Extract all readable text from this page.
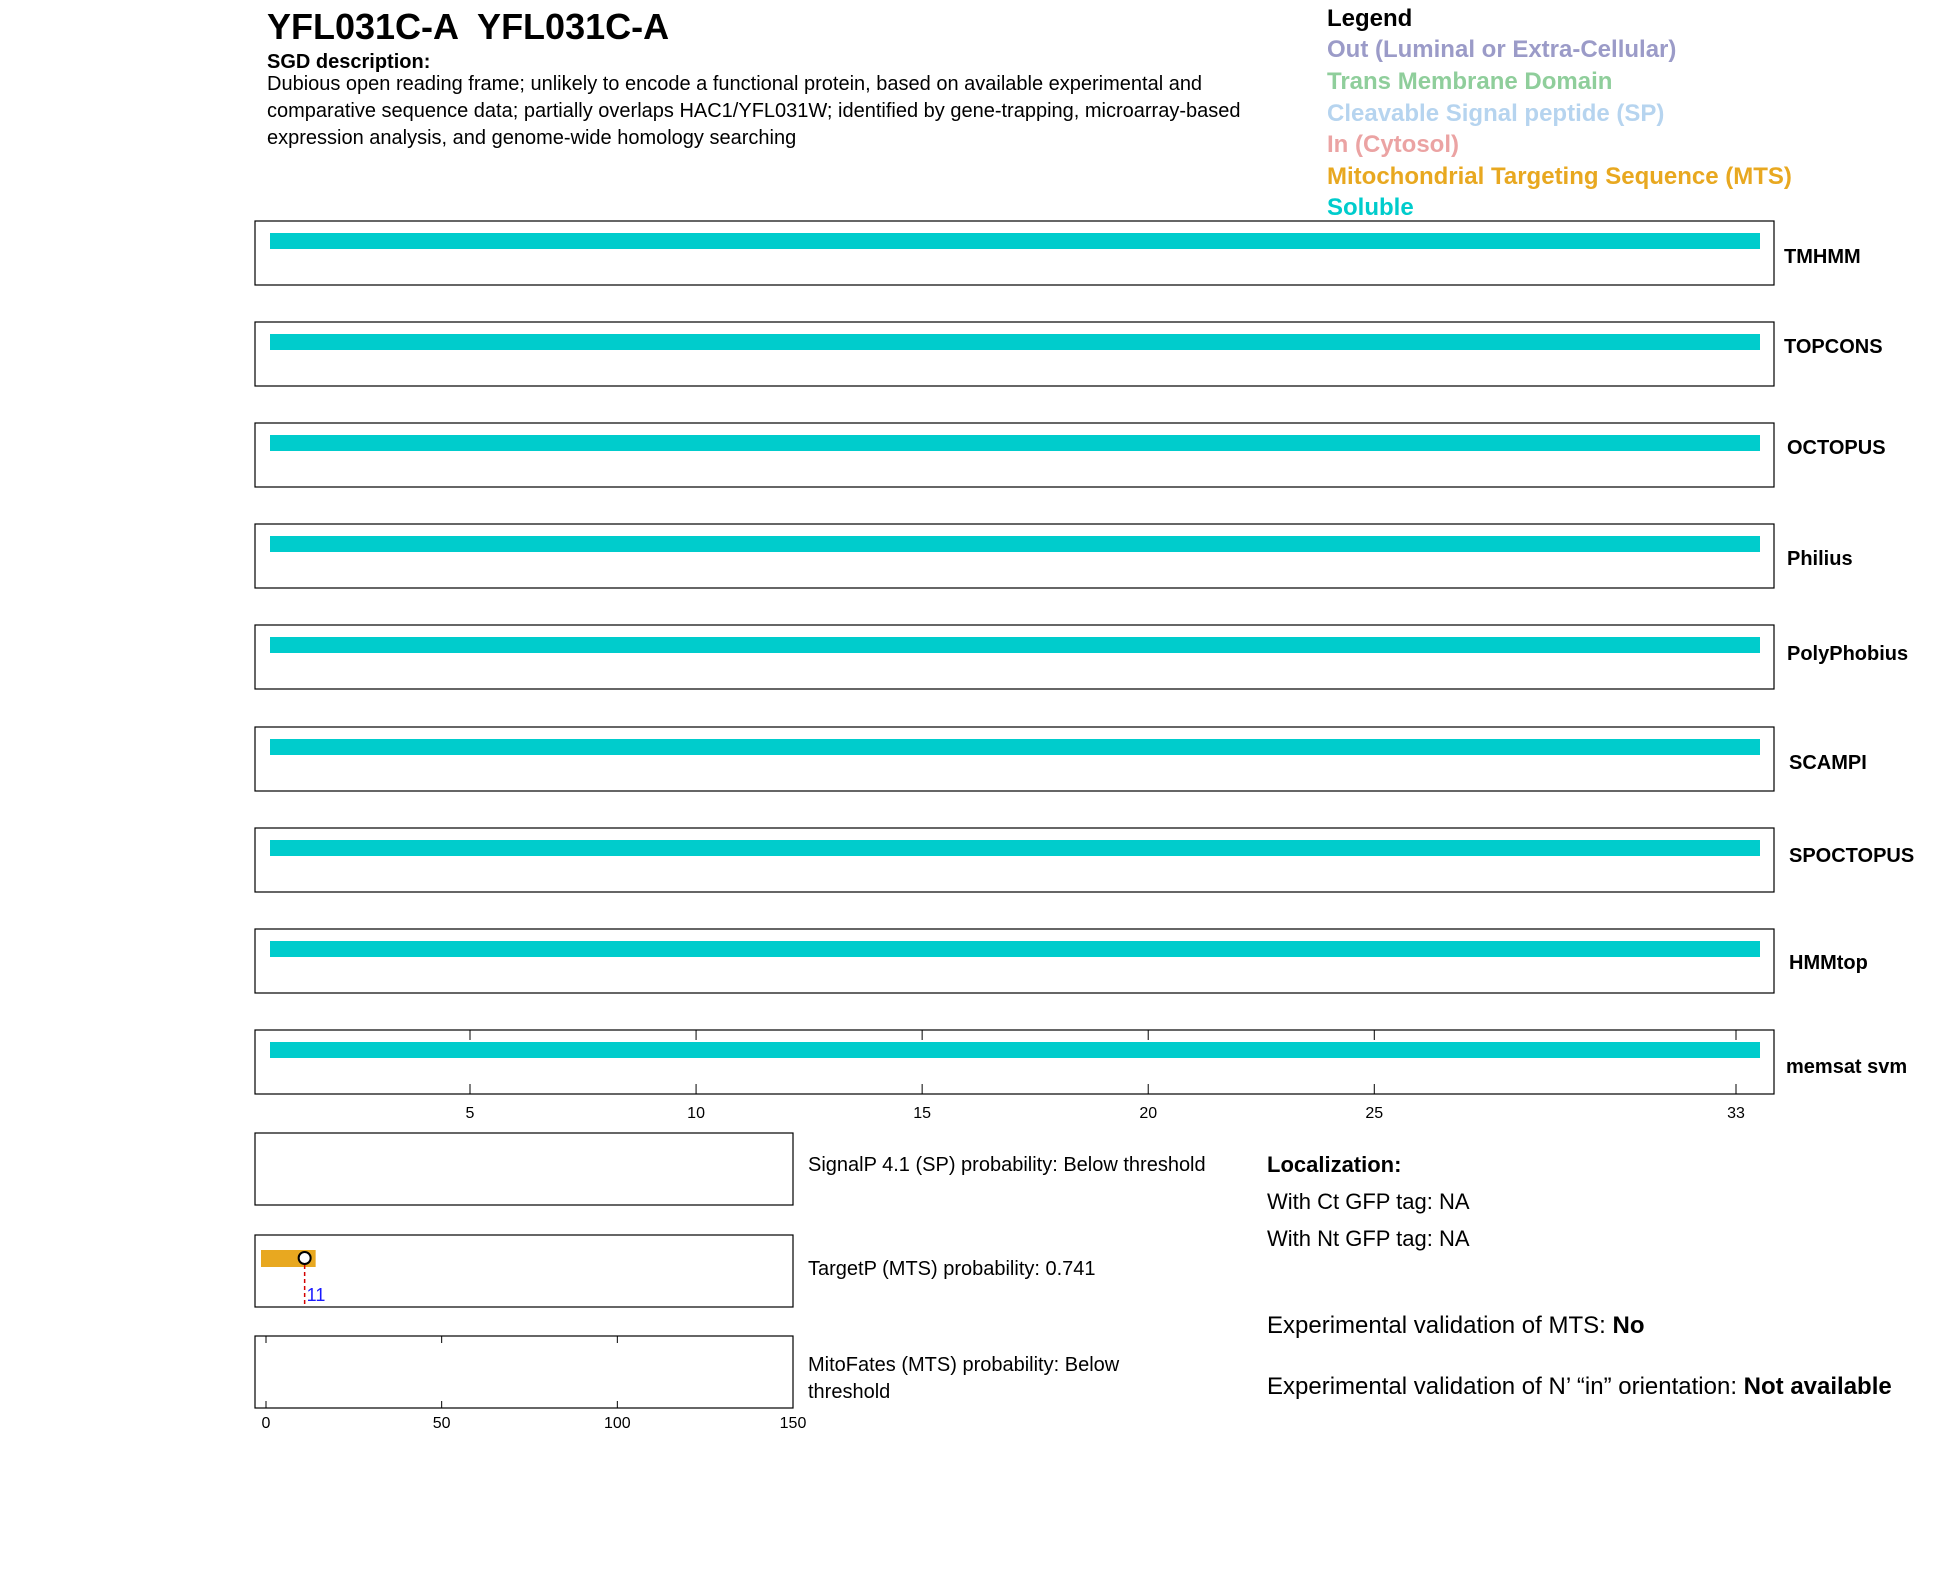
YFL031C-A  YFL031C-A
SGD description:
Dubious open reading frame; unlikely to encode a functional protein, based on available experimental and comparative sequence data; partially overlaps HAC1/YFL031W; identified by gene-trapping, microarray-based expression analysis, and genome-wide homology searching
Legend
Out (Luminal or Extra-Cellular)
Trans Membrane Domain
Cleavable Signal peptide (SP)
In (Cytosol)
Mitochondrial Targeting Sequence (MTS)
Soluble
TMHMM
TOPCONS
OCTOPUS
Philius
PolyPhobius
SCAMPI
SPOCTOPUS
HMMtop
memsat svm
5	10	15	20	25	33
11
0	50	100	150
SignalP 4.1 (SP) probability: Below threshold
TargetP (MTS) probability: 0.741
MitoFates (MTS) probability: Below
threshold
Localization:
With Ct GFP tag: NA
With Nt GFP tag: NA
Experimental validation of MTS: No
Experimental validation of N’ “in” orientation: Not available
